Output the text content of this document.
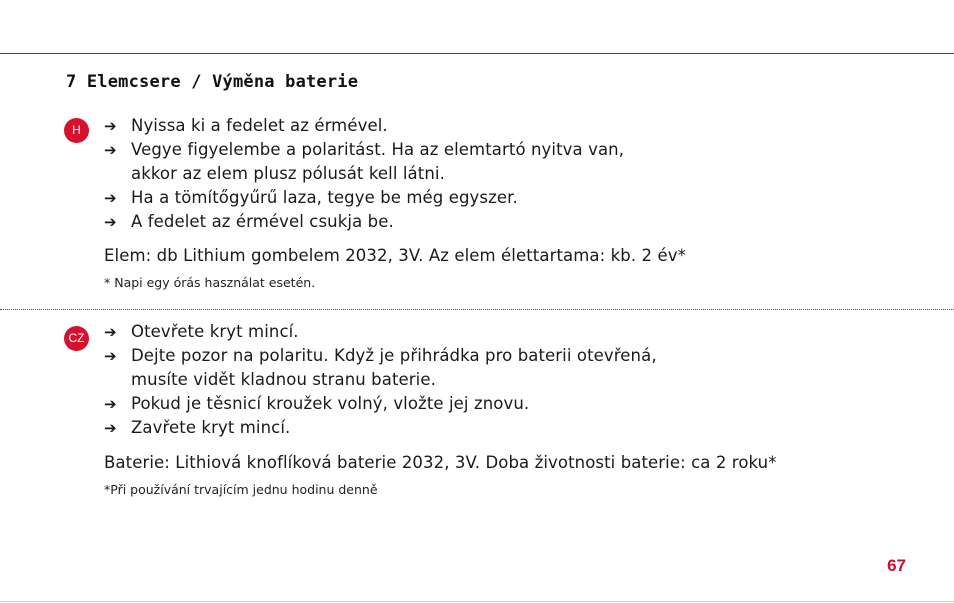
7 Elemcsere / Výměna baterie
H	➔ Nyissa ki a fedelet az érmével.
➔ Vegye figyelembe a polaritást. Ha az elemtartó nyitva van,
akkor az elem plusz pólusát kell látni.
➔ Ha a tömítőgyűrű laza, tegye be még egyszer.
➔ A fedelet az érmével csukja be.
Elem: db Lithium gombelem 2032, 3V. Az elem élettartama: kb. 2 év*
* Napi egy órás használat esetén.
CZ	➔ Otevřete kryt mincí.
➔ Dejte pozor na polaritu. Když je přihrádka pro baterii otevřená,
musíte vidět kladnou stranu baterie.
➔ Pokud je těsnicí kroužek volný, vložte jej znovu.
➔ Zavřete kryt mincí.
Baterie: Lithiová knoflíková baterie 2032, 3V. Doba životnosti baterie: ca 2 roku*
*Při používání trvajícím jednu hodinu denně
67
